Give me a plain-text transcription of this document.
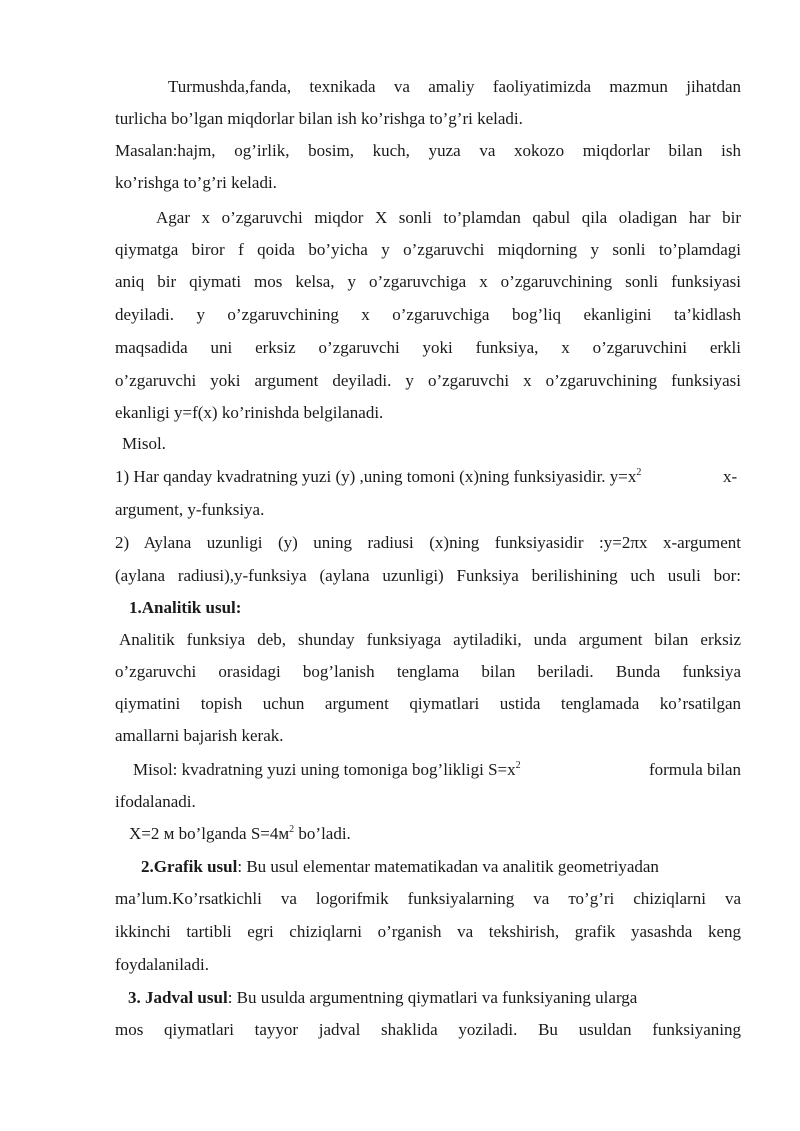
Turmushda,fanda, texnikada va amaliy faoliyatimizda mazmun jihatdan
turlicha bo’lgan miqdorlar bilan ish ko’rishga to’g’ri keladi.
Masalan:hajm, og’irlik, bosim, kuch, yuza va xokozo miqdorlar bilan ish
ko’rishga to’g’ri keladi.
Agar x o’zgaruvchi miqdor X sonli to’plamdan qabul qila oladigan har bir
qiymatga biror f qoida bo’yicha y o’zgaruvchi miqdorning y sonli to’plamdagi
aniq bir qiymati mos kelsa, y o’zgaruvchiga x o’zgaruvchining sonli funksiyasi
deyiladi. y o’zgaruvchining x o’zgaruvchiga bog’liq ekanligini ta’kidlash
maqsadida uni erksiz o’zgaruvchi yoki funksiya, x o’zgaruvchini erkli
o’zgaruvchi yoki argument deyiladi. y o’zgaruvchi x o’zgaruvchining funksiyasi
ekanligi y=f(x) ko’rinishda belgilanadi.
Misol.
1) Har qanday kvadratning yuzi (y) ,uning tomoni (x)ning funksiyasidir. $y=x^2$	x-
argument, y-funksiya.
2) Aylana uzunligi (y) uning radiusi (x)ning funksiyasidir :y=2πx x-argument
(aylana radiusi),y-funksiya (aylana uzunligi) Funksiya berilishining uch usuli bor:
1.Analitik usul:
Analitik funksiya deb, shunday funksiyaga aytiladiki, unda argument bilan erksiz
o’zgaruvchi orasidagi bog’lanish tenglama bilan beriladi. Bunda funksiya
qiymatini topish uchun argument qiymatlari ustida tenglamada ko’rsatilgan
amallarni bajarish kerak.
Misol: kvadratning yuzi uning tomoniga bog’likligi $S=x^2$	formula bilan
ifodalanadi.
X=2 м bo’lganda $S=4м^2$ bo’ladi.
2.Grafik usul: Bu usul elementar matematikadan va analitik geometriyadan
ma’lum.Ko’rsatkichli va logorifmik funksiyalarning va то’g’ri chiziqlarni va
ikkinchi tartibli egri chiziqlarni o’rganish va tekshirish, grafik yasashda keng
foydalaniladi.
3. Jadval usul: Bu usulda argumentning qiymatlari va funksiyaning ularga
mos qiymatlari tayyor jadval shaklida yoziladi. Bu usuldan funksiyaning
